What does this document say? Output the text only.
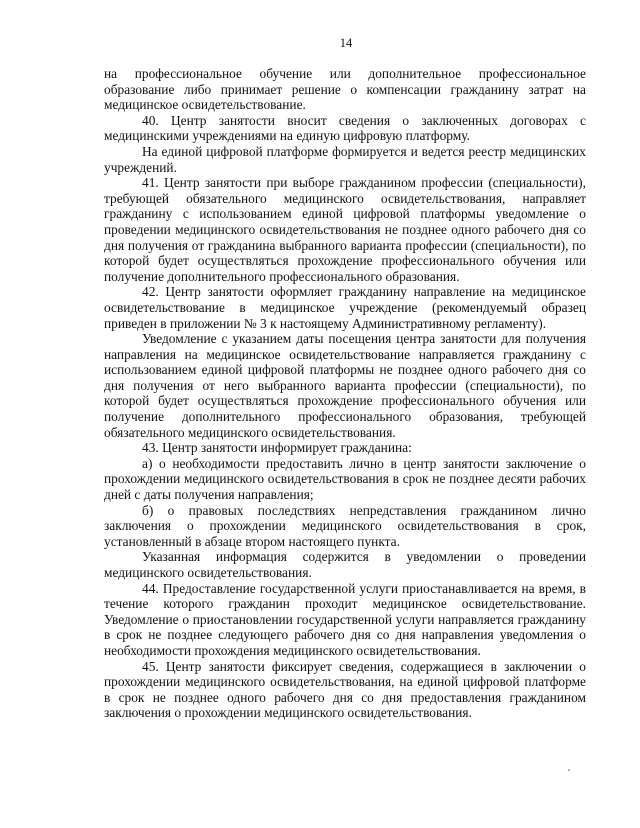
14

на профессиональное обучение или дополнительное профессиональное образование либо принимает решение о компенсации гражданину затрат на медицинское освидетельствование.

40. Центр занятости вносит сведения о заключенных договорах с медицинскими учреждениями на единую цифровую платформу.

На единой цифровой платформе формируется и ведется реестр медицинских учреждений.

41. Центр занятости при выборе гражданином профессии (специальности), требующей обязательного медицинского освидетельствования, направляет гражданину с использованием единой цифровой платформы уведомление о проведении медицинского освидетельствования не позднее одного рабочего дня со дня получения от гражданина выбранного варианта профессии (специальности), по которой будет осуществляться прохождение профессионального обучения или получение дополнительного профессионального образования.

42. Центр занятости оформляет гражданину направление на медицинское освидетельствование в медицинское учреждение (рекомендуемый образец приведен в приложении № 3 к настоящему Административному регламенту).

Уведомление с указанием даты посещения центра занятости для получения направления на медицинское освидетельствование направляется гражданину с использованием единой цифровой платформы не позднее одного рабочего дня со дня получения от него выбранного варианта профессии (специальности), по которой будет осуществляться прохождение профессионального обучения или получение дополнительного профессионального образования, требующей обязательного медицинского освидетельствования.

43. Центр занятости информирует гражданина:

а) о необходимости предоставить лично в центр занятости заключение о прохождении медицинского освидетельствования в срок не позднее десяти рабочих дней с даты получения направления;

б) о правовых последствиях непредставления гражданином лично заключения о прохождении медицинского освидетельствования в срок, установленный в абзаце втором настоящего пункта.

Указанная информация содержится в уведомлении о проведении медицинского освидетельствования.

44. Предоставление государственной услуги приостанавливается на время, в течение которого гражданин проходит медицинское освидетельствование. Уведомление о приостановлении государственной услуги направляется гражданину в срок не позднее следующего рабочего дня со дня направления уведомления о необходимости прохождения медицинского освидетельствования.

45. Центр занятости фиксирует сведения, содержащиеся в заключении о прохождении медицинского освидетельствования, на единой цифровой платформе в срок не позднее одного рабочего дня со дня предоставления гражданином заключения о прохождении медицинского освидетельствования.
